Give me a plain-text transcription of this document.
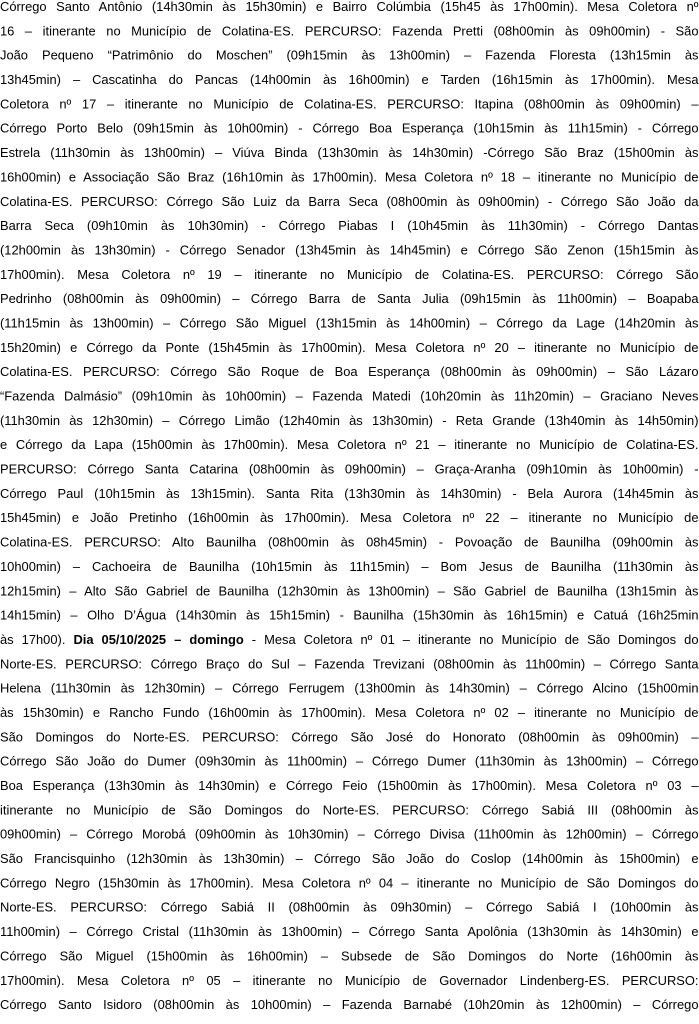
Córrego Santo Antônio (14h30min às 15h30min) e Bairro Colúmbia (15h45 às 17h00min). Mesa Coletora nº
16 – itinerante no Município de Colatina-ES. PERCURSO: Fazenda Pretti (08h00min às 09h00min) - São
João Pequeno “Patrimônio do Moschen” (09h15min às 13h00min) – Fazenda Floresta (13h15min às
13h45min) – Cascatinha do Pancas (14h00min às 16h00min) e Tarden (16h15min às 17h00min). Mesa
Coletora nº 17 – itinerante no Município de Colatina-ES. PERCURSO: Itapina (08h00min às 09h00min) –
Córrego Porto Belo (09h15min às 10h00min) - Córrego Boa Esperança (10h15min às 11h15min) - Córrego
Estrela (11h30min às 13h00min) – Viúva Binda (13h30min às 14h30min) -Córrego São Braz (15h00min às
16h00min) e Associação São Braz (16h10min às 17h00min). Mesa Coletora nº 18 – itinerante no Município de
Colatina-ES. PERCURSO: Córrego São Luiz da Barra Seca (08h00min às 09h00min) - Córrego São João da
Barra Seca (09h10min às 10h30min) - Córrego Piabas I (10h45min às 11h30min) - Córrego Dantas
(12h00min às 13h30min) - Córrego Senador (13h45min às 14h45min) e Córrego São Zenon (15h15min às
17h00min). Mesa Coletora nº 19 – itinerante no Município de Colatina-ES. PERCURSO: Córrego São
Pedrinho (08h00min às 09h00min) – Córrego Barra de Santa Julia (09h15min às 11h00min) – Boapaba
(11h15min às 13h00min) – Córrego São Miguel (13h15min às 14h00min) – Córrego da Lage (14h20min às
15h20min) e Córrego da Ponte (15h45min às 17h00min). Mesa Coletora nº 20 – itinerante no Município de
Colatina-ES. PERCURSO: Córrego São Roque de Boa Esperança (08h00min às 09h00min) – São Lázaro
“Fazenda Dalmásio” (09h10min às 10h00min) – Fazenda Matedi (10h20min às 11h20min) – Graciano Neves
(11h30min às 12h30min) – Córrego Limão (12h40min às 13h30min) - Reta Grande (13h40min às 14h50min)
e Córrego da Lapa (15h00min às 17h00min). Mesa Coletora nº 21 – itinerante no Município de Colatina-ES.
PERCURSO: Córrego Santa Catarina (08h00min às 09h00min) – Graça-Aranha (09h10min às 10h00min) -
Córrego Paul (10h15min às 13h15min). Santa Rita (13h30min às 14h30min) - Bela Aurora (14h45min às
15h45min) e João Pretinho (16h00min às 17h00min). Mesa Coletora nº 22 – itinerante no Município de
Colatina-ES. PERCURSO: Alto Baunilha (08h00min às 08h45min) - Povoação de Baunilha (09h00min às
10h00min) – Cachoeira de Baunilha (10h15min às 11h15min) – Bom Jesus de Baunilha (11h30min às
12h15min) – Alto São Gabriel de Baunilha (12h30min às 13h00min) – São Gabriel de Baunilha (13h15min às
14h15min) – Olho D’Água (14h30min às 15h15min) - Baunilha (15h30min às 16h15min) e Catuá (16h25min
às 17h00). Dia 05/10/2025 – domingo - Mesa Coletora nº 01 – itinerante no Município de São Domingos do
Norte-ES. PERCURSO: Córrego Braço do Sul – Fazenda Trevizani (08h00min às 11h00min) – Córrego Santa
Helena (11h30min às 12h30min) – Córrego Ferrugem (13h00min às 14h30min) – Córrego Alcino (15h00min
às 15h30min) e Rancho Fundo (16h00min às 17h00min). Mesa Coletora nº 02 – itinerante no Município de
São Domingos do Norte-ES. PERCURSO: Córrego São José do Honorato (08h00min às 09h00min) –
Córrego São João do Dumer (09h30min às 11h00min) – Córrego Dumer (11h30min às 13h00min) – Córrego
Boa Esperança (13h30min às 14h30min) e Córrego Feio (15h00min às 17h00min). Mesa Coletora nº 03 –
itinerante no Município de São Domingos do Norte-ES. PERCURSO: Córrego Sabiá III (08h00min às
09h00min) – Córrego Morobá (09h00min às 10h30min) – Córrego Divisa (11h00min às 12h00min) – Córrego
São Francisquinho (12h30min às 13h30min) – Córrego São João do Coslop (14h00min às 15h00min) e
Córrego Negro (15h30min às 17h00min). Mesa Coletora nº 04 – itinerante no Município de São Domingos do
Norte-ES. PERCURSO: Córrego Sabiá II (08h00min às 09h30min) – Córrego Sabiá I (10h00min às
11h00min) – Córrego Cristal (11h30min às 13h00min) – Córrego Santa Apolônia (13h30min às 14h30min) e
Córrego São Miguel (15h00min às 16h00min) – Subsede de São Domingos do Norte (16h00min às
17h00min). Mesa Coletora nº 05 – itinerante no Município de Governador Lindenberg-ES. PERCURSO:
Córrego Santo Isidoro (08h00min às 10h00min) – Fazenda Barnabé (10h20min às 12h00min) – Córrego
